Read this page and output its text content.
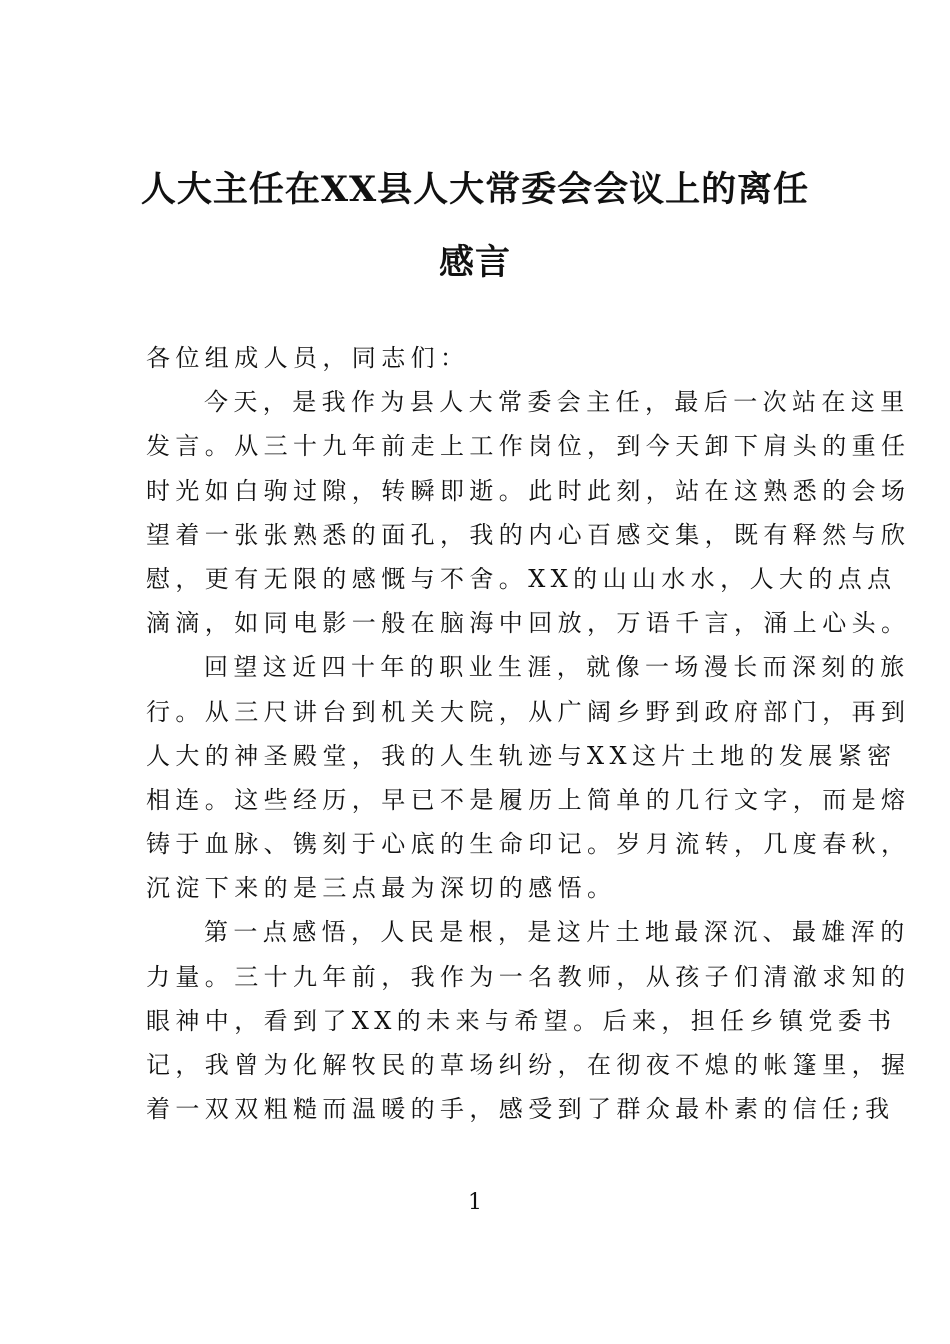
人大主任在XX县人大常委会会议上的离任
感言
各位组成人员，同志们：
今天，是我作为县人大常委会主任，最后一次站在这里
发言。从三十九年前走上工作岗位，到今天卸下肩头的重任
时光如白驹过隙，转瞬即逝。此时此刻，站在这熟悉的会场
望着一张张熟悉的面孔，我的内心百感交集，既有释然与欣
慰，更有无限的感慨与不舍。XX的山山水水，人大的点点
滴滴，如同电影一般在脑海中回放，万语千言，涌上心头。
回望这近四十年的职业生涯，就像一场漫长而深刻的旅
行。从三尺讲台到机关大院，从广阔乡野到政府部门，再到
人大的神圣殿堂，我的人生轨迹与XX这片土地的发展紧密
相连。这些经历，早已不是履历上简单的几行文字，而是熔
铸于血脉、镌刻于心底的生命印记。岁月流转，几度春秋，
沉淀下来的是三点最为深切的感悟。
第一点感悟，人民是根，是这片土地最深沉、最雄浑的
力量。三十九年前，我作为一名教师，从孩子们清澈求知的
眼神中，看到了XX的未来与希望。后来，担任乡镇党委书
记，我曾为化解牧民的草场纠纷，在彻夜不熄的帐篷里，握
着一双双粗糙而温暖的手，感受到了群众最朴素的信任;我
1
